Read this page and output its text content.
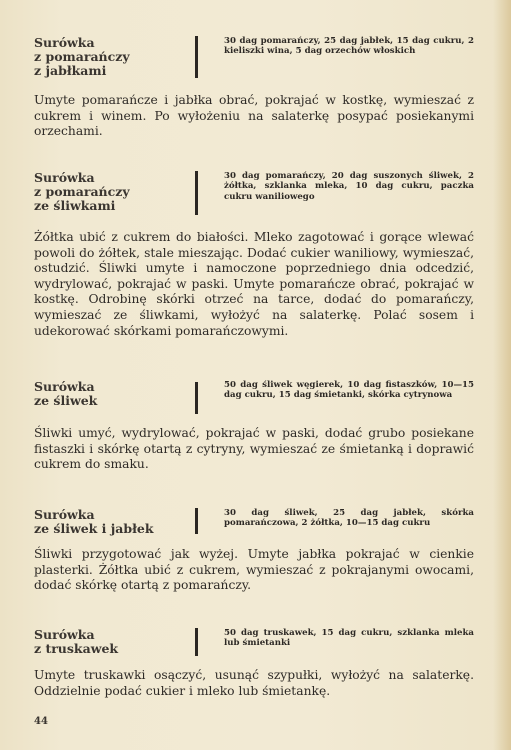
Surówka
z pomarańczy
z jabłkami
30 dag pomarańczy, 25 dag jabłek, 15 dag cukru, 2 kieliszki wina, 5 dag orzechów włoskich
Umyte pomarańcze i jabłka obrać, pokrajać w kostkę, wymieszać z cukrem i winem. Po wyłożeniu na salaterkę posypać posiekanymi orzechami.
Surówka
z pomarańczy
ze śliwkami
30 dag pomarańczy, 20 dag suszonych śliwek, 2 żółtka, szklanka mleka, 10 dag cukru, paczka cukru waniliowego
Żółtka ubić z cukrem do białości. Mleko zagotować i gorące wlewać powoli do żółtek, stale mieszając. Dodać cukier waniliowy, wymieszać, ostudzić. Śliwki umyte i namoczone poprzedniego dnia odcedzić, wydrylować, pokrajać w paski. Umyte pomarańcze obrać, pokrajać w kostkę. Odrobinę skórki otrzeć na tarce, dodać do pomarańczy, wymieszać ze śliwkami, wyłożyć na salaterkę. Polać sosem i udekorować skórkami pomarańczowymi.
Surówka
ze śliwek
50 dag śliwek węgierek, 10 dag fistaszków, 10—15 dag cukru, 15 dag śmietanki, skórka cytrynowa
Śliwki umyć, wydrylować, pokrajać w paski, dodać grubo posiekane fistaszki i skórkę otartą z cytryny, wymieszać ze śmietanką i doprawić cukrem do smaku.
Surówka
ze śliwek i jabłek
30 dag śliwek, 25 dag jabłek, skórka pomarańczowa, 2 żółtka, 10—15 dag cukru
Śliwki przygotować jak wyżej. Umyte jabłka pokrajać w cienkie plasterki. Żółtka ubić z cukrem, wymieszać z pokrajanymi owocami, dodać skórkę otartą z pomarańczy.
Surówka
z truskawek
50 dag truskawek, 15 dag cukru, szklanka mleka lub śmietanki
Umyte truskawki osączyć, usunąć szypułki, wyłożyć na salaterkę. Oddzielnie podać cukier i mleko lub śmietankę.
44
